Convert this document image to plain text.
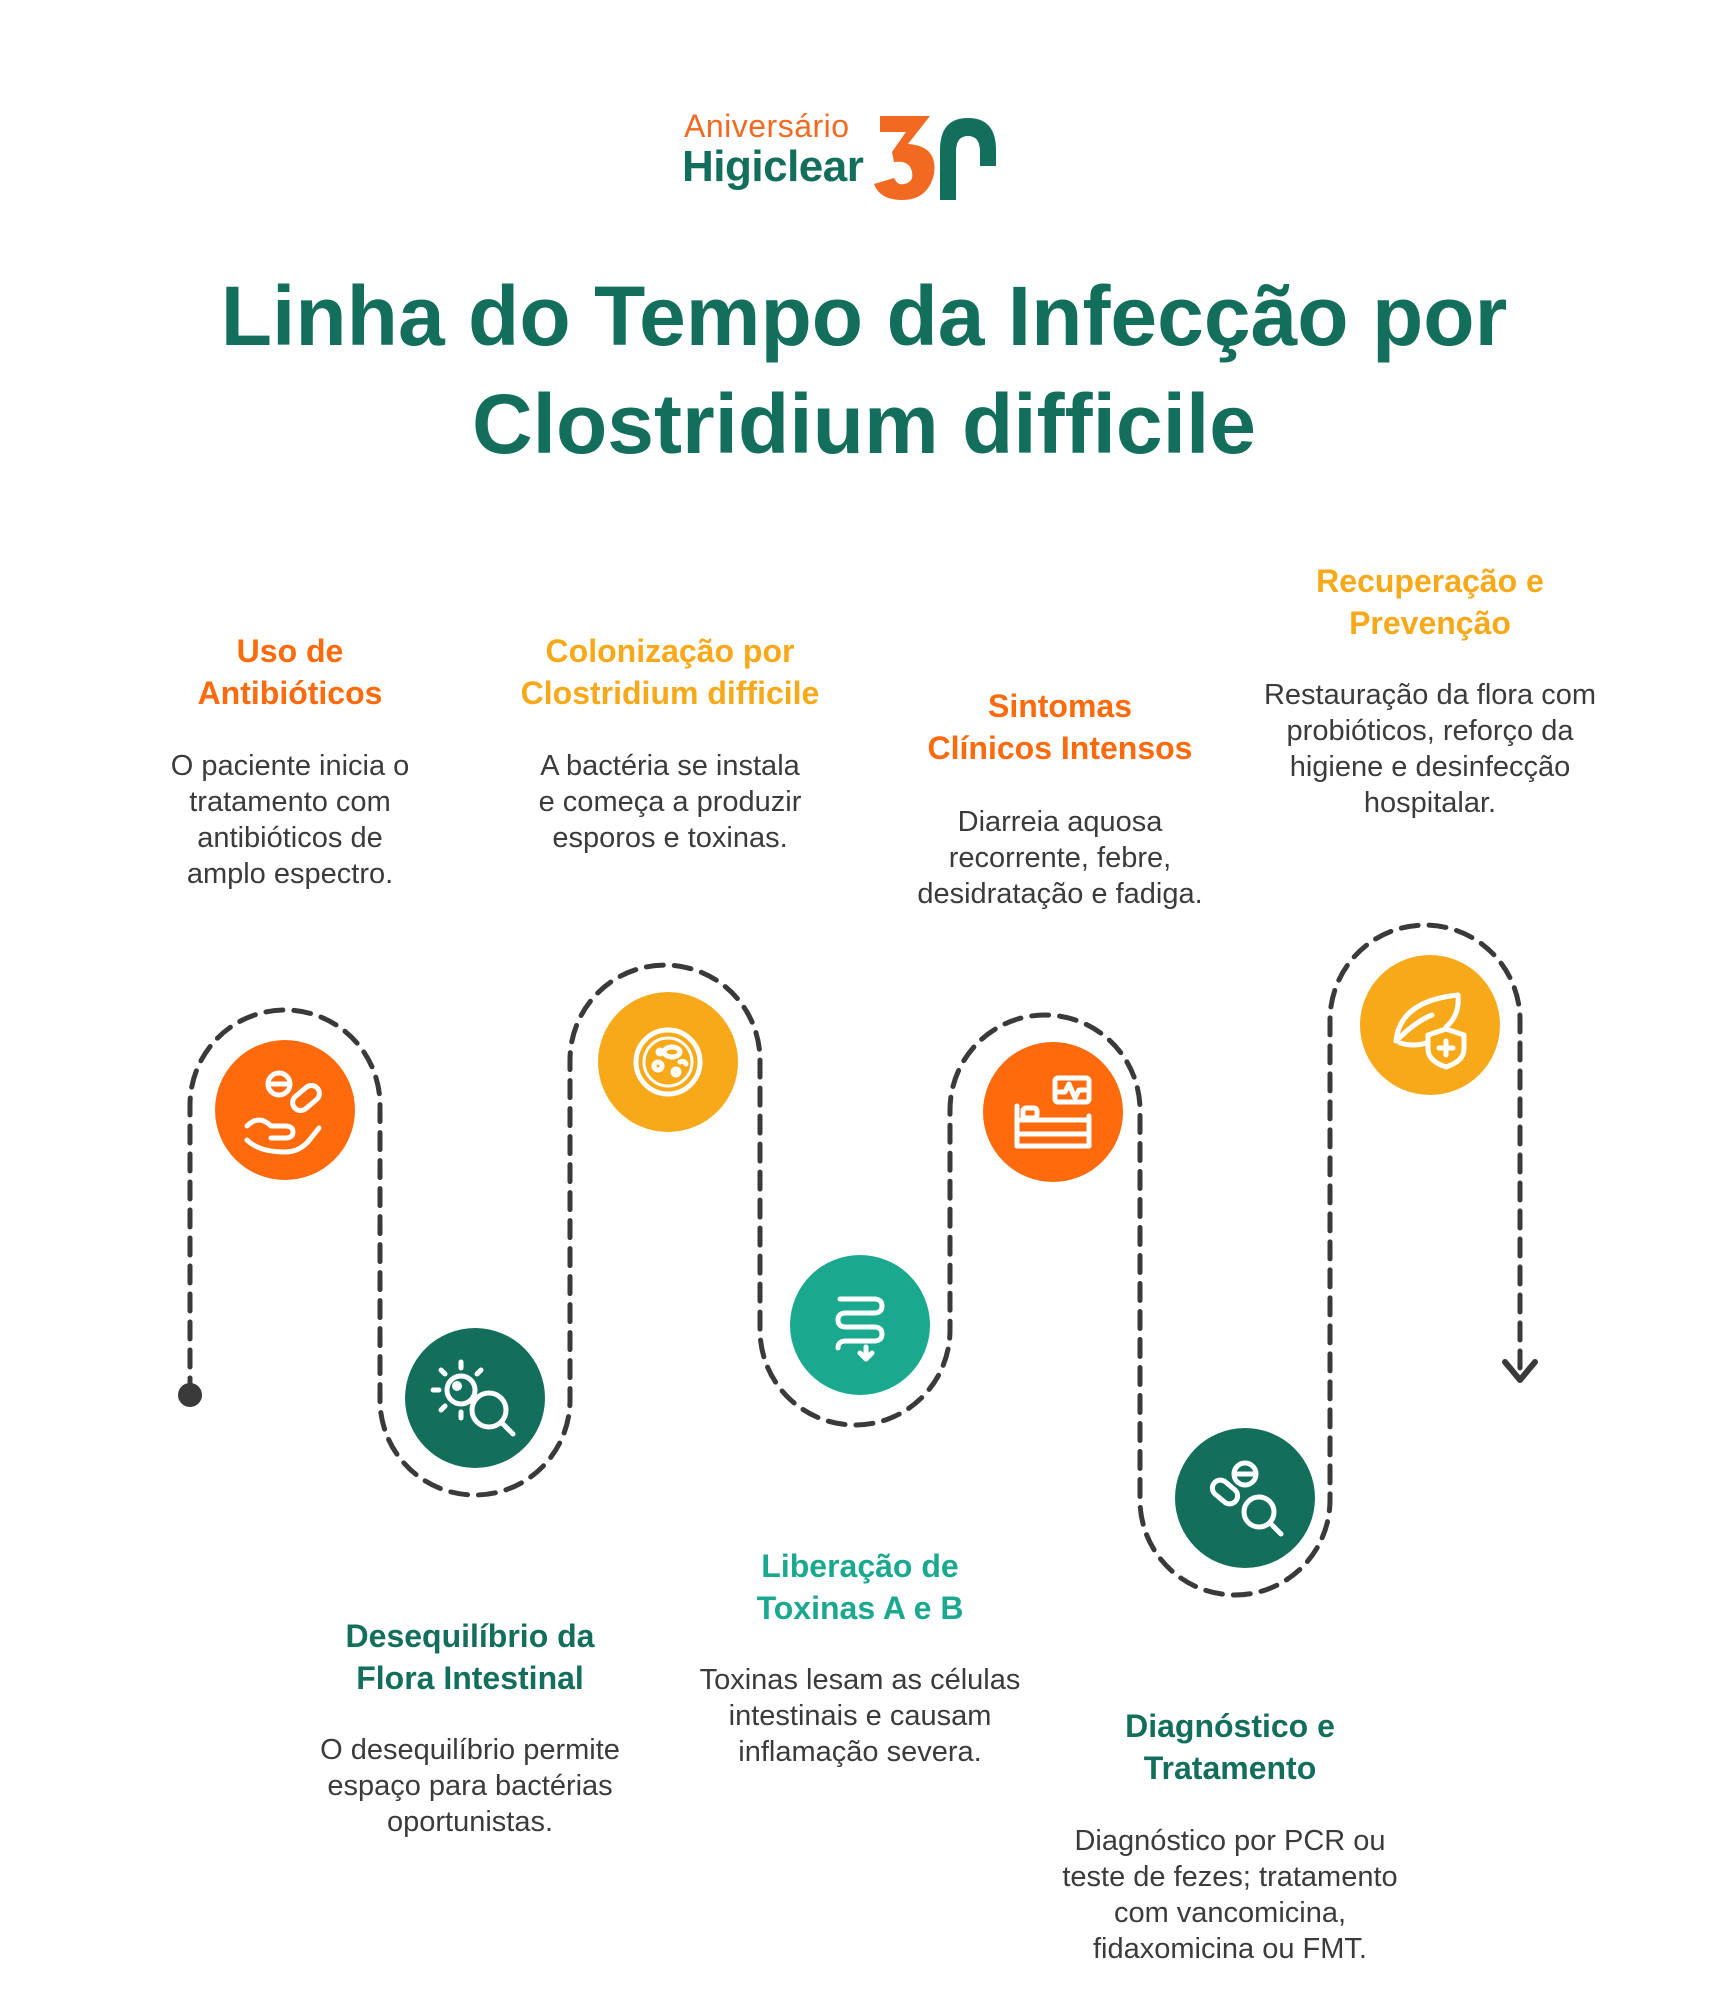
Aniversário
Higiclear
Linha do Tempo da Infecção por
Clostridium difficile
Uso de
Antibióticos
O paciente inicia o
tratamento com
antibióticos de
amplo espectro.
Desequilíbrio da
Flora Intestinal
O desequilíbrio permite
espaço para bactérias
oportunistas.
Colonização por
Clostridium difficile
A bactéria se instala
e começa a produzir
esporos e toxinas.
Liberação de
Toxinas A e B
Toxinas lesam as células
intestinais e causam
inflamação severa.
Sintomas
Clínicos Intensos
Diarreia aquosa
recorrente, febre,
desidratação e fadiga.
Diagnóstico e
Tratamento
Diagnóstico por PCR ou
teste de fezes; tratamento
com vancomicina,
fidaxomicina ou FMT.
Recuperação e
Prevenção
Restauração da flora com
probióticos, reforço da
higiene e desinfecção
hospitalar.
